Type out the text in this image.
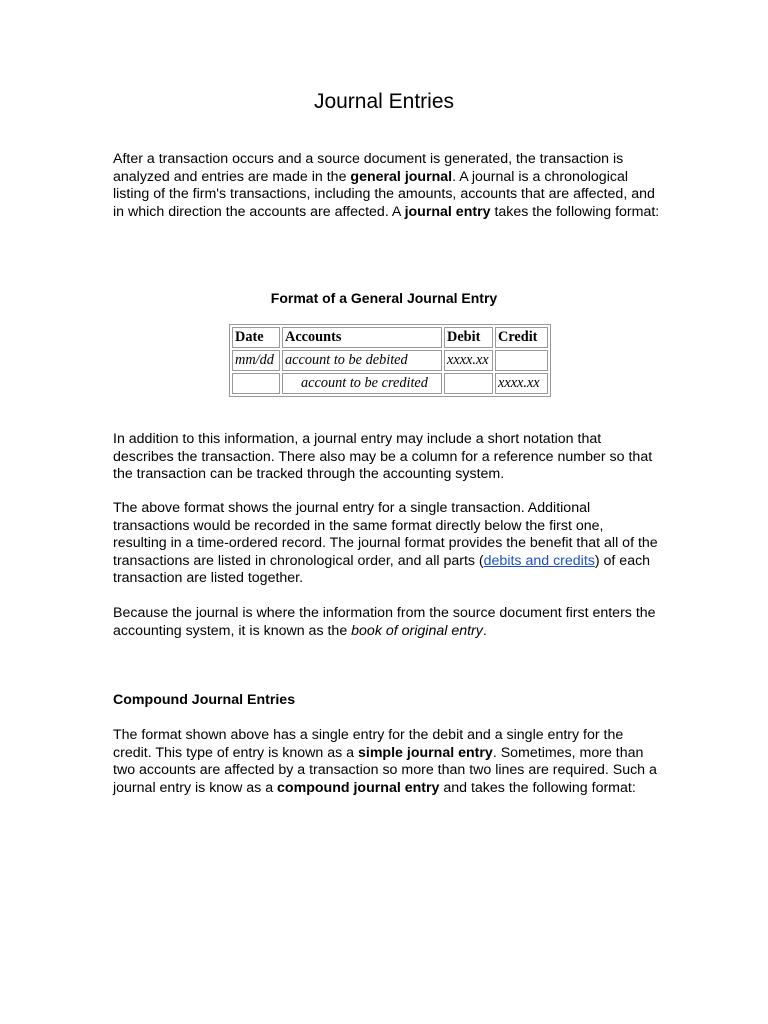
Journal Entries

After a transaction occurs and a source document is generated, the transaction is analyzed and entries are made in the general journal. A journal is a chronological listing of the firm's transactions, including the amounts, accounts that are affected, and in which direction the accounts are affected. A journal entry takes the following format:

Format of a General Journal Entry

Date	Accounts	Debit	Credit
mm/dd	account to be debited	xxxx.xx	
	account to be credited		xxxx.xx

In addition to this information, a journal entry may include a short notation that describes the transaction. There also may be a column for a reference number so that the transaction can be tracked through the accounting system.

The above format shows the journal entry for a single transaction. Additional transactions would be recorded in the same format directly below the first one, resulting in a time-ordered record. The journal format provides the benefit that all of the transactions are listed in chronological order, and all parts (debits and credits) of each transaction are listed together.

Because the journal is where the information from the source document first enters the accounting system, it is known as the book of original entry.

Compound Journal Entries

The format shown above has a single entry for the debit and a single entry for the credit. This type of entry is known as a simple journal entry. Sometimes, more than two accounts are affected by a transaction so more than two lines are required. Such a journal entry is know as a compound journal entry and takes the following format:
